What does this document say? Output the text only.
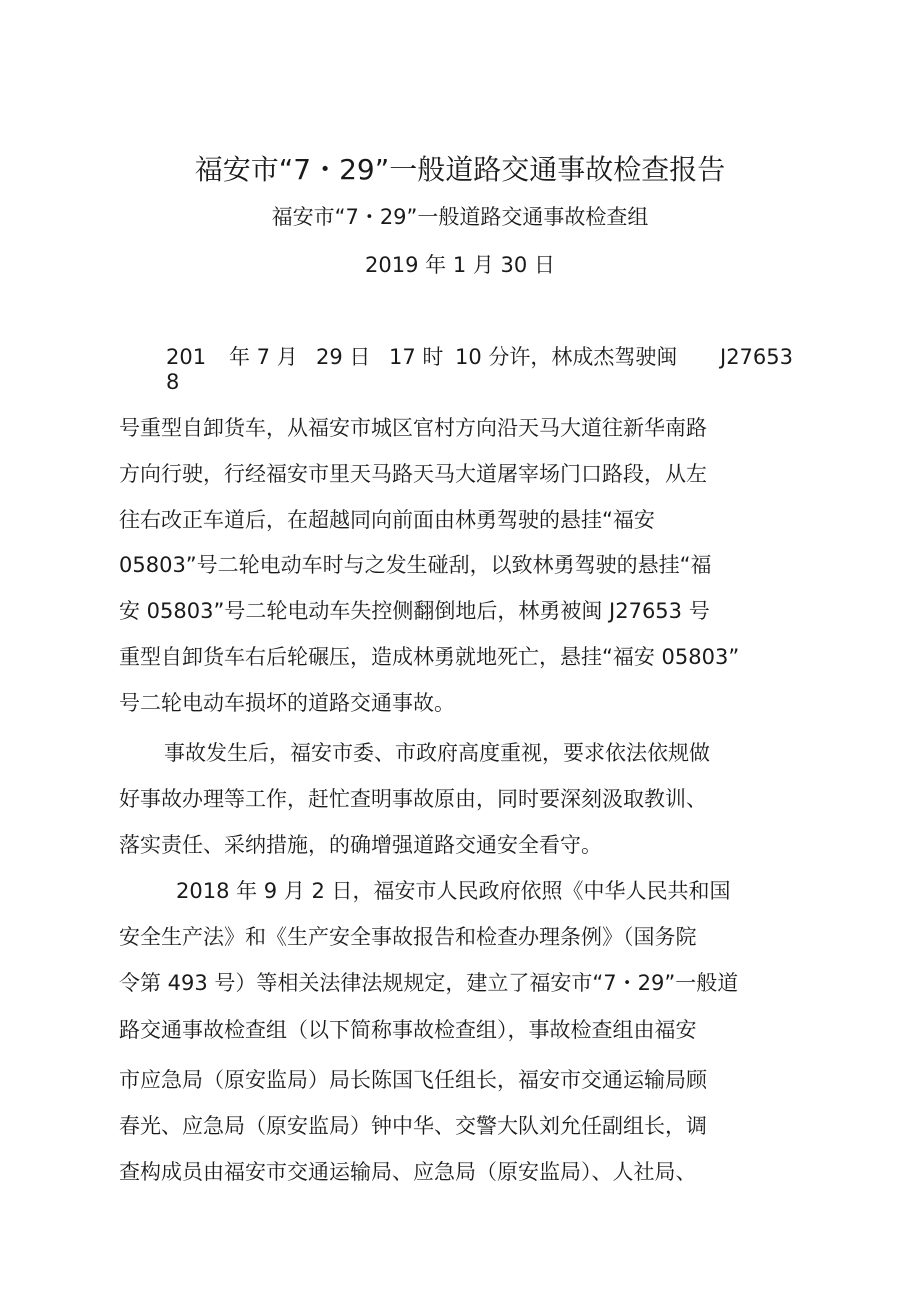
福安市“7・29”一般道路交通事故检查报告
福安市“7・29”一般道路交通事故检查组
2019 年 1 月 30 日
201
8
年 7 月 29 日 17 时 10 分许，林成杰驾驶闽 J27653
号重型自卸货车，从福安市城区官村方向沿天马大道往新华南路
方向行驶，行经福安市里天马路天马大道屠宰场门口路段，从左
往右改正车道后，在超越同向前面由林勇驾驶的悬挂“福安
05803”号二轮电动车时与之发生碰刮，以致林勇驾驶的悬挂“福
安 05803”号二轮电动车失控侧翻倒地后，林勇被闽 J27653 号
重型自卸货车右后轮碾压，造成林勇就地死亡，悬挂“福安 05803”
号二轮电动车损坏的道路交通事故。
事故发生后，福安市委、市政府高度重视，要求依法依规做
好事故办理等工作，赶忙查明事故原由，同时要深刻汲取教训、
落实责任、采纳措施，的确增强道路交通安全看守。
2018 年 9 月 2 日，福安市人民政府依照《中华人民共和国
安全生产法》和《生产安全事故报告和检查办理条例》（国务院
令第 493 号）等相关法律法规规定，建立了福安市“7・29”一般道
路交通事故检查组（以下简称事故检查组），事故检查组由福安
市应急局（原安监局）局长陈国飞任组长，福安市交通运输局顾
春光、应急局（原安监局）钟中华、交警大队刘允任副组长，调
查构成员由福安市交通运输局、应急局（原安监局）、人社局、
